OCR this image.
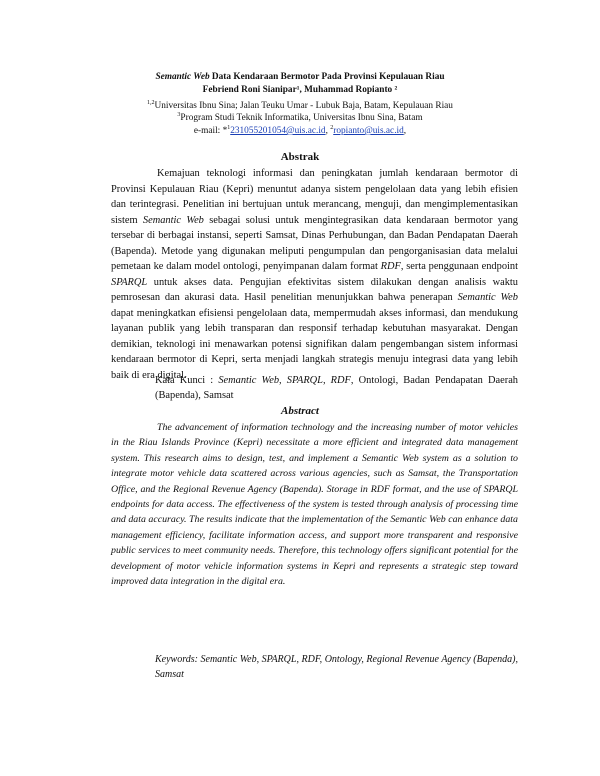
Semantic Web Data Kendaraan Bermotor Pada Provinsi Kepulauan Riau
Febriend Roni Sianipar¹, Muhammad Ropianto ²
$^{1,2}$Universitas Ibnu Sina; Jalan Teuku Umar - Lubuk Baja, Batam, Kepulauan Riau
$^3$Program Studi Teknik Informatika, Universitas Ibnu Sina, Batam
e-mail: *$^1$231055201054@uis.ac.id, $^2$ropianto@uis.ac.id,
Abstrak

Kemajuan teknologi informasi dan peningkatan jumlah kendaraan bermotor di Provinsi Kepulauan Riau (Kepri) menuntut adanya sistem pengelolaan data yang lebih efisien dan terintegrasi. Penelitian ini bertujuan untuk merancang, menguji, dan mengimplementasikan sistem Semantic Web sebagai solusi untuk mengintegrasikan data kendaraan bermotor yang tersebar di berbagai instansi, seperti Samsat, Dinas Perhubungan, dan Badan Pendapatan Daerah (Bapenda). Metode yang digunakan meliputi pengumpulan dan pengorganisasian data melalui pemetaan ke dalam model ontologi, penyimpanan dalam format RDF, serta penggunaan endpoint SPARQL untuk akses data. Pengujian efektivitas sistem dilakukan dengan analisis waktu pemrosesan dan akurasi data. Hasil penelitian menunjukkan bahwa penerapan Semantic Web dapat meningkatkan efisiensi pengelolaan data, mempermudah akses informasi, dan mendukung layanan publik yang lebih transparan dan responsif terhadap kebutuhan masyarakat. Dengan demikian, teknologi ini menawarkan potensi signifikan dalam pengembangan sistem informasi kendaraan bermotor di Kepri, serta menjadi langkah strategis menuju integrasi data yang lebih baik di era digital.

Kata Kunci : Semantic Web, SPARQL, RDF, Ontologi, Badan Pendapatan Daerah (Bapenda), Samsat

Abstract

The advancement of information technology and the increasing number of motor vehicles in the Riau Islands Province (Kepri) necessitate a more efficient and integrated data management system. This research aims to design, test, and implement a Semantic Web system as a solution to integrate motor vehicle data scattered across various agencies, such as Samsat, the Transportation Office, and the Regional Revenue Agency (Bapenda). Storage in RDF format, and the use of SPARQL endpoints for data access. The effectiveness of the system is tested through analysis of processing time and data accuracy. The results indicate that the implementation of the Semantic Web can enhance data management efficiency, facilitate information access, and support more transparent and responsive public services to meet community needs. Therefore, this technology offers significant potential for the development of motor vehicle information systems in Kepri and represents a strategic step toward improved data integration in the digital era.

Keywords: Semantic Web, SPARQL, RDF, Ontology, Regional Revenue Agency (Bapenda), Samsat
